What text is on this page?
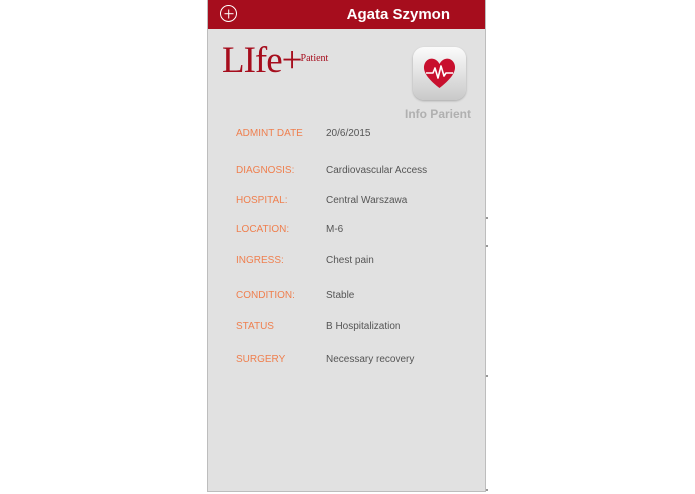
Agata Szymon
LIfe+$^{Patient}$
Info Parient
ADMINT DATE 20/6/2015
DIAGNOSIS:	Cardiovascular Access
HOSPITAL:	Central Warszawa
LOCATION:	M-6
INGRESS:	Chest pain
CONDITION:	Stable
STATUS	B Hospitalization
SURGERY	Necessary recovery
